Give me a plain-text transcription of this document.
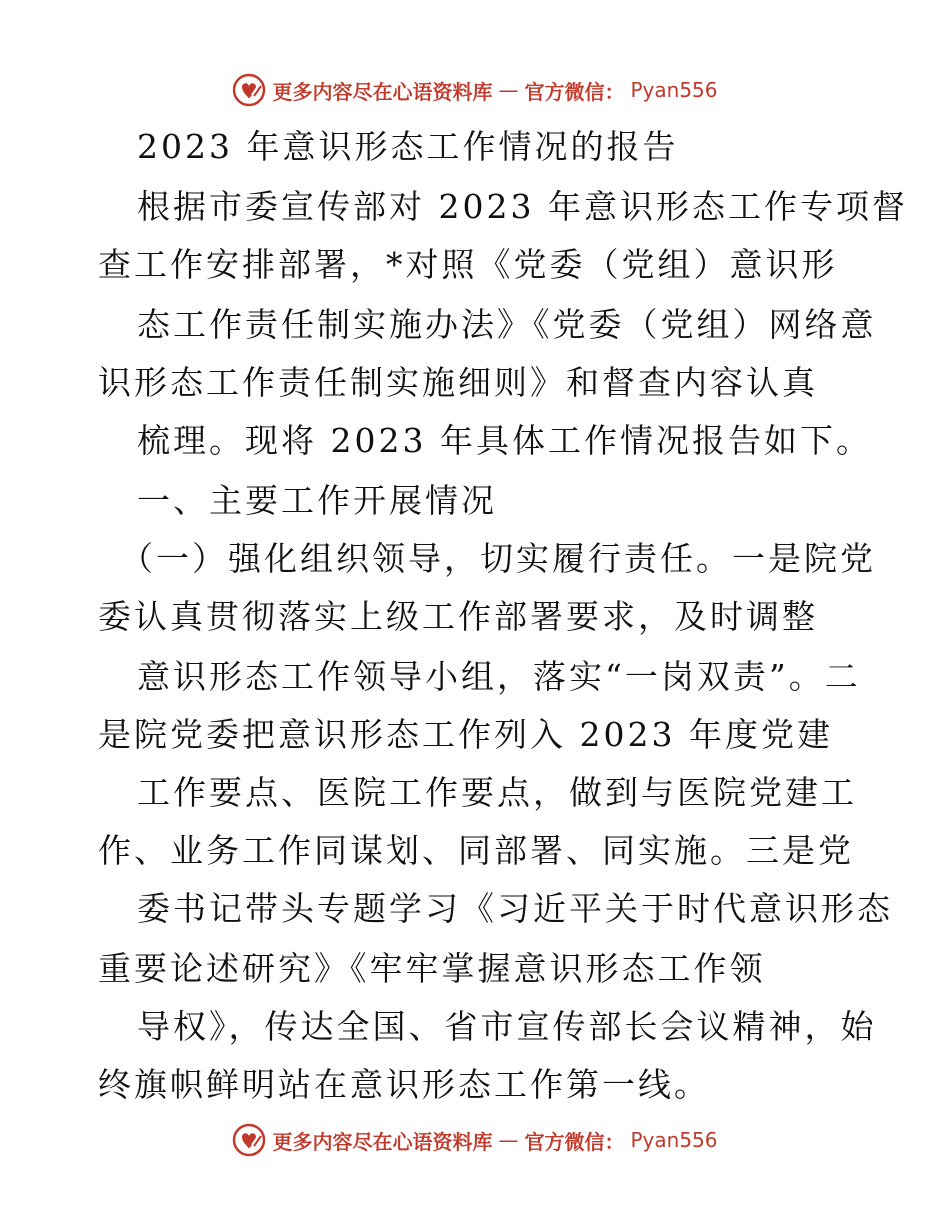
更多内容尽在心语资料库 — 官方微信： Pyan556
2023 年意识形态工作情况的报告
根据市委宣传部对 2023 年意识形态工作专项督
查工作安排部署，*对照《党委（党组）意识形
态工作责任制实施办法》《党委（党组）网络意
识形态工作责任制实施细则》和督查内容认真
梳理。现将 2023 年具体工作情况报告如下。
一、主要工作开展情况
（一）强化组织领导，切实履行责任。一是院党
委认真贯彻落实上级工作部署要求，及时调整
意识形态工作领导小组，落实“一岗双责”。二
是院党委把意识形态工作列入 2023 年度党建
工作要点、医院工作要点，做到与医院党建工
作、业务工作同谋划、同部署、同实施。三是党
委书记带头专题学习《习近平关于时代意识形态
重要论述研究》《牢牢掌握意识形态工作领
导权》，传达全国、省市宣传部长会议精神，始
终旗帜鲜明站在意识形态工作第一线。
更多内容尽在心语资料库 — 官方微信： Pyan556
